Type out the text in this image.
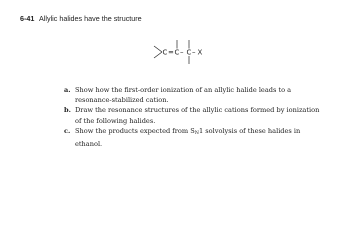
6-41 Allylic halides have the structure
C = C – C – X
a. Show how the first-order ionization of an allylic halide leads to a
resonance-stabilized cation.
b. Draw the resonance structures of the allylic cations formed by ionization
of the following halides.
c. Show the products expected from $S_N1$ solvolysis of these halides in
ethanol.
